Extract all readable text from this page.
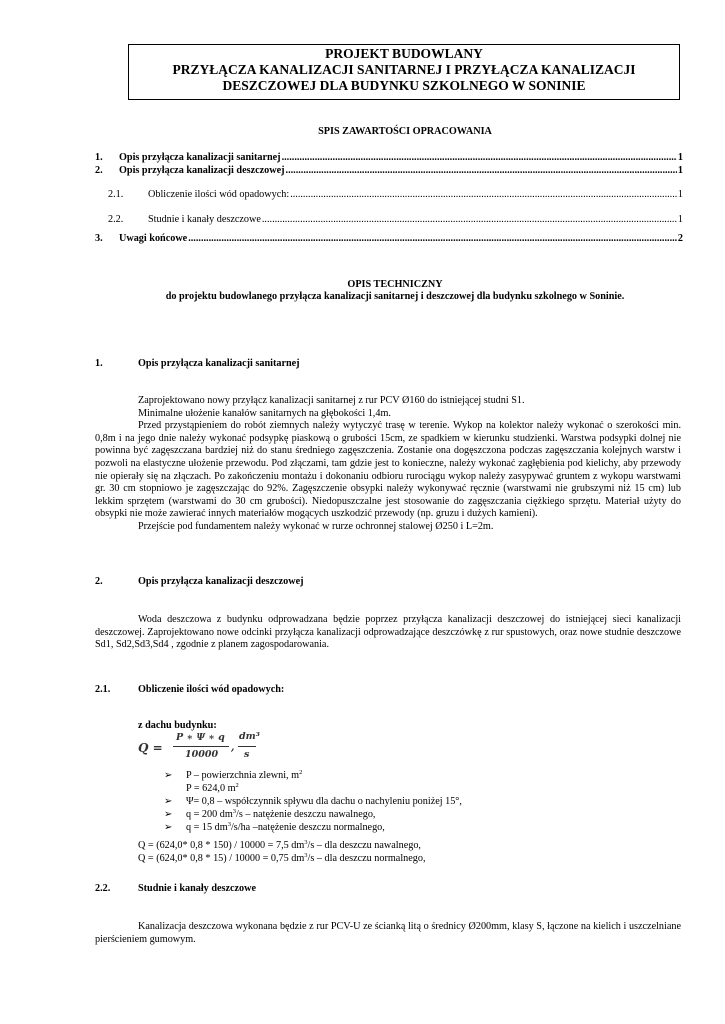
PROJEKT BUDOWLANY
PRZYŁĄCZA KANALIZACJI SANITARNEJ I PRZYŁĄCZA KANALIZACJI
DESZCZOWEJ DLA BUDYNKU SZKOLNEGO W SONINIE
SPIS ZAWARTOŚCI OPRACOWANIA
1.	Opis przyłącza kanalizacji sanitarnej .....	1
2.	Opis przyłącza kanalizacji deszczowej .....	1
2.1.	Obliczenie ilości wód opadowych: .....	1
2.2.	Studnie i kanały deszczowe .....	1
3.	Uwagi końcowe .....	2
OPIS TECHNICZNY
do projektu budowlanego przyłącza kanalizacji sanitarnej i deszczowej dla budynku szkolnego w Soninie.
1.	Opis przyłącza kanalizacji sanitarnej

Zaprojektowano nowy przyłącz kanalizacji sanitarnej z rur PCV Ø160 do istniejącej studni S1.

Minimalne ułożenie kanałów sanitarnych na głębokości 1,4m.

Przed przystąpieniem do robót ziemnych należy wytyczyć trasę w terenie. Wykop na kolektor należy wykonać o szerokości min. 0,8m i na jego dnie należy wykonać podsypkę piaskową o grubości 15cm, ze spadkiem w kierunku studzienki. Warstwa podsypki dolnej nie powinna być zagęszczana bardziej niż do stanu średniego zagęszczenia. Zostanie ona dogęszczona podczas zagęszczania kolejnych warstw i pozwoli na elastyczne ułożenie przewodu. Pod złączami, tam gdzie jest to konieczne, należy wykonać zagłębienia pod kielichy, aby przewody nie opierały się na złączach. Po zakończeniu montażu i dokonaniu odbioru rurociągu wykop należy zasypywać gruntem z wykopu warstwami gr. 30 cm stopniowo je zagęszczając do 92%. Zagęszczenie obsypki należy wykonywać ręcznie (warstwami nie grubszymi niż 15 cm) lub lekkim sprzętem (warstwami do 30 cm grubości). Niedopuszczalne jest stosowanie do zagęszczania ciężkiego sprzętu. Materiał użyty do obsypki nie może zawierać innych materiałów mogących uszkodzić przewody (np. gruzu i dużych kamieni).

Przejście pod fundamentem należy wykonać w rurze ochronnej stalowej Ø250 i L=2m.

2.	Opis przyłącza kanalizacji deszczowej

Woda deszczowa z budynku odprowadzana będzie poprzez przyłącza kanalizacji deszczowej do istniejącej sieci kanalizacji deszczowej. Zaprojektowano nowe odcinki przyłącza kanalizacji odprowadzające deszczówkę z rur spustowych, oraz nowe studnie deszczowe Sd1, Sd2,Sd3,Sd4 , zgodnie z planem zagospodarowania.

2.1.	Obliczenie ilości wód opadowych:
z dachu budynku:
Q =
P ∗ Ψ ∗ q
10000
,
dm³
s
➢ P – powierzchnia zlewni, $m^2$
P = 624,0 $m^2$
➢ Ψ= 0,8 – współczynnik spływu dla dachu o nachyleniu poniżej 15°,
➢ q = 200 $dm^3/s$ – natężenie deszczu nawalnego,
➢ q = 15 $dm^3/s/ha$ –natężenie deszczu normalnego,
Q = (624,0* 0,8 * 150) / 10000 = 7,5 $dm^3/s$ – dla deszczu nawalnego,
Q = (624,0* 0,8 * 15) / 10000 = 0,75 $dm^3/s$ – dla deszczu normalnego,
2.2.	Studnie i kanały deszczowe

Kanalizacja deszczowa wykonana będzie z rur PCV-U ze ścianką litą o średnicy Ø200mm, klasy S, łączone na kielich i uszczelniane pierścieniem gumowym.
